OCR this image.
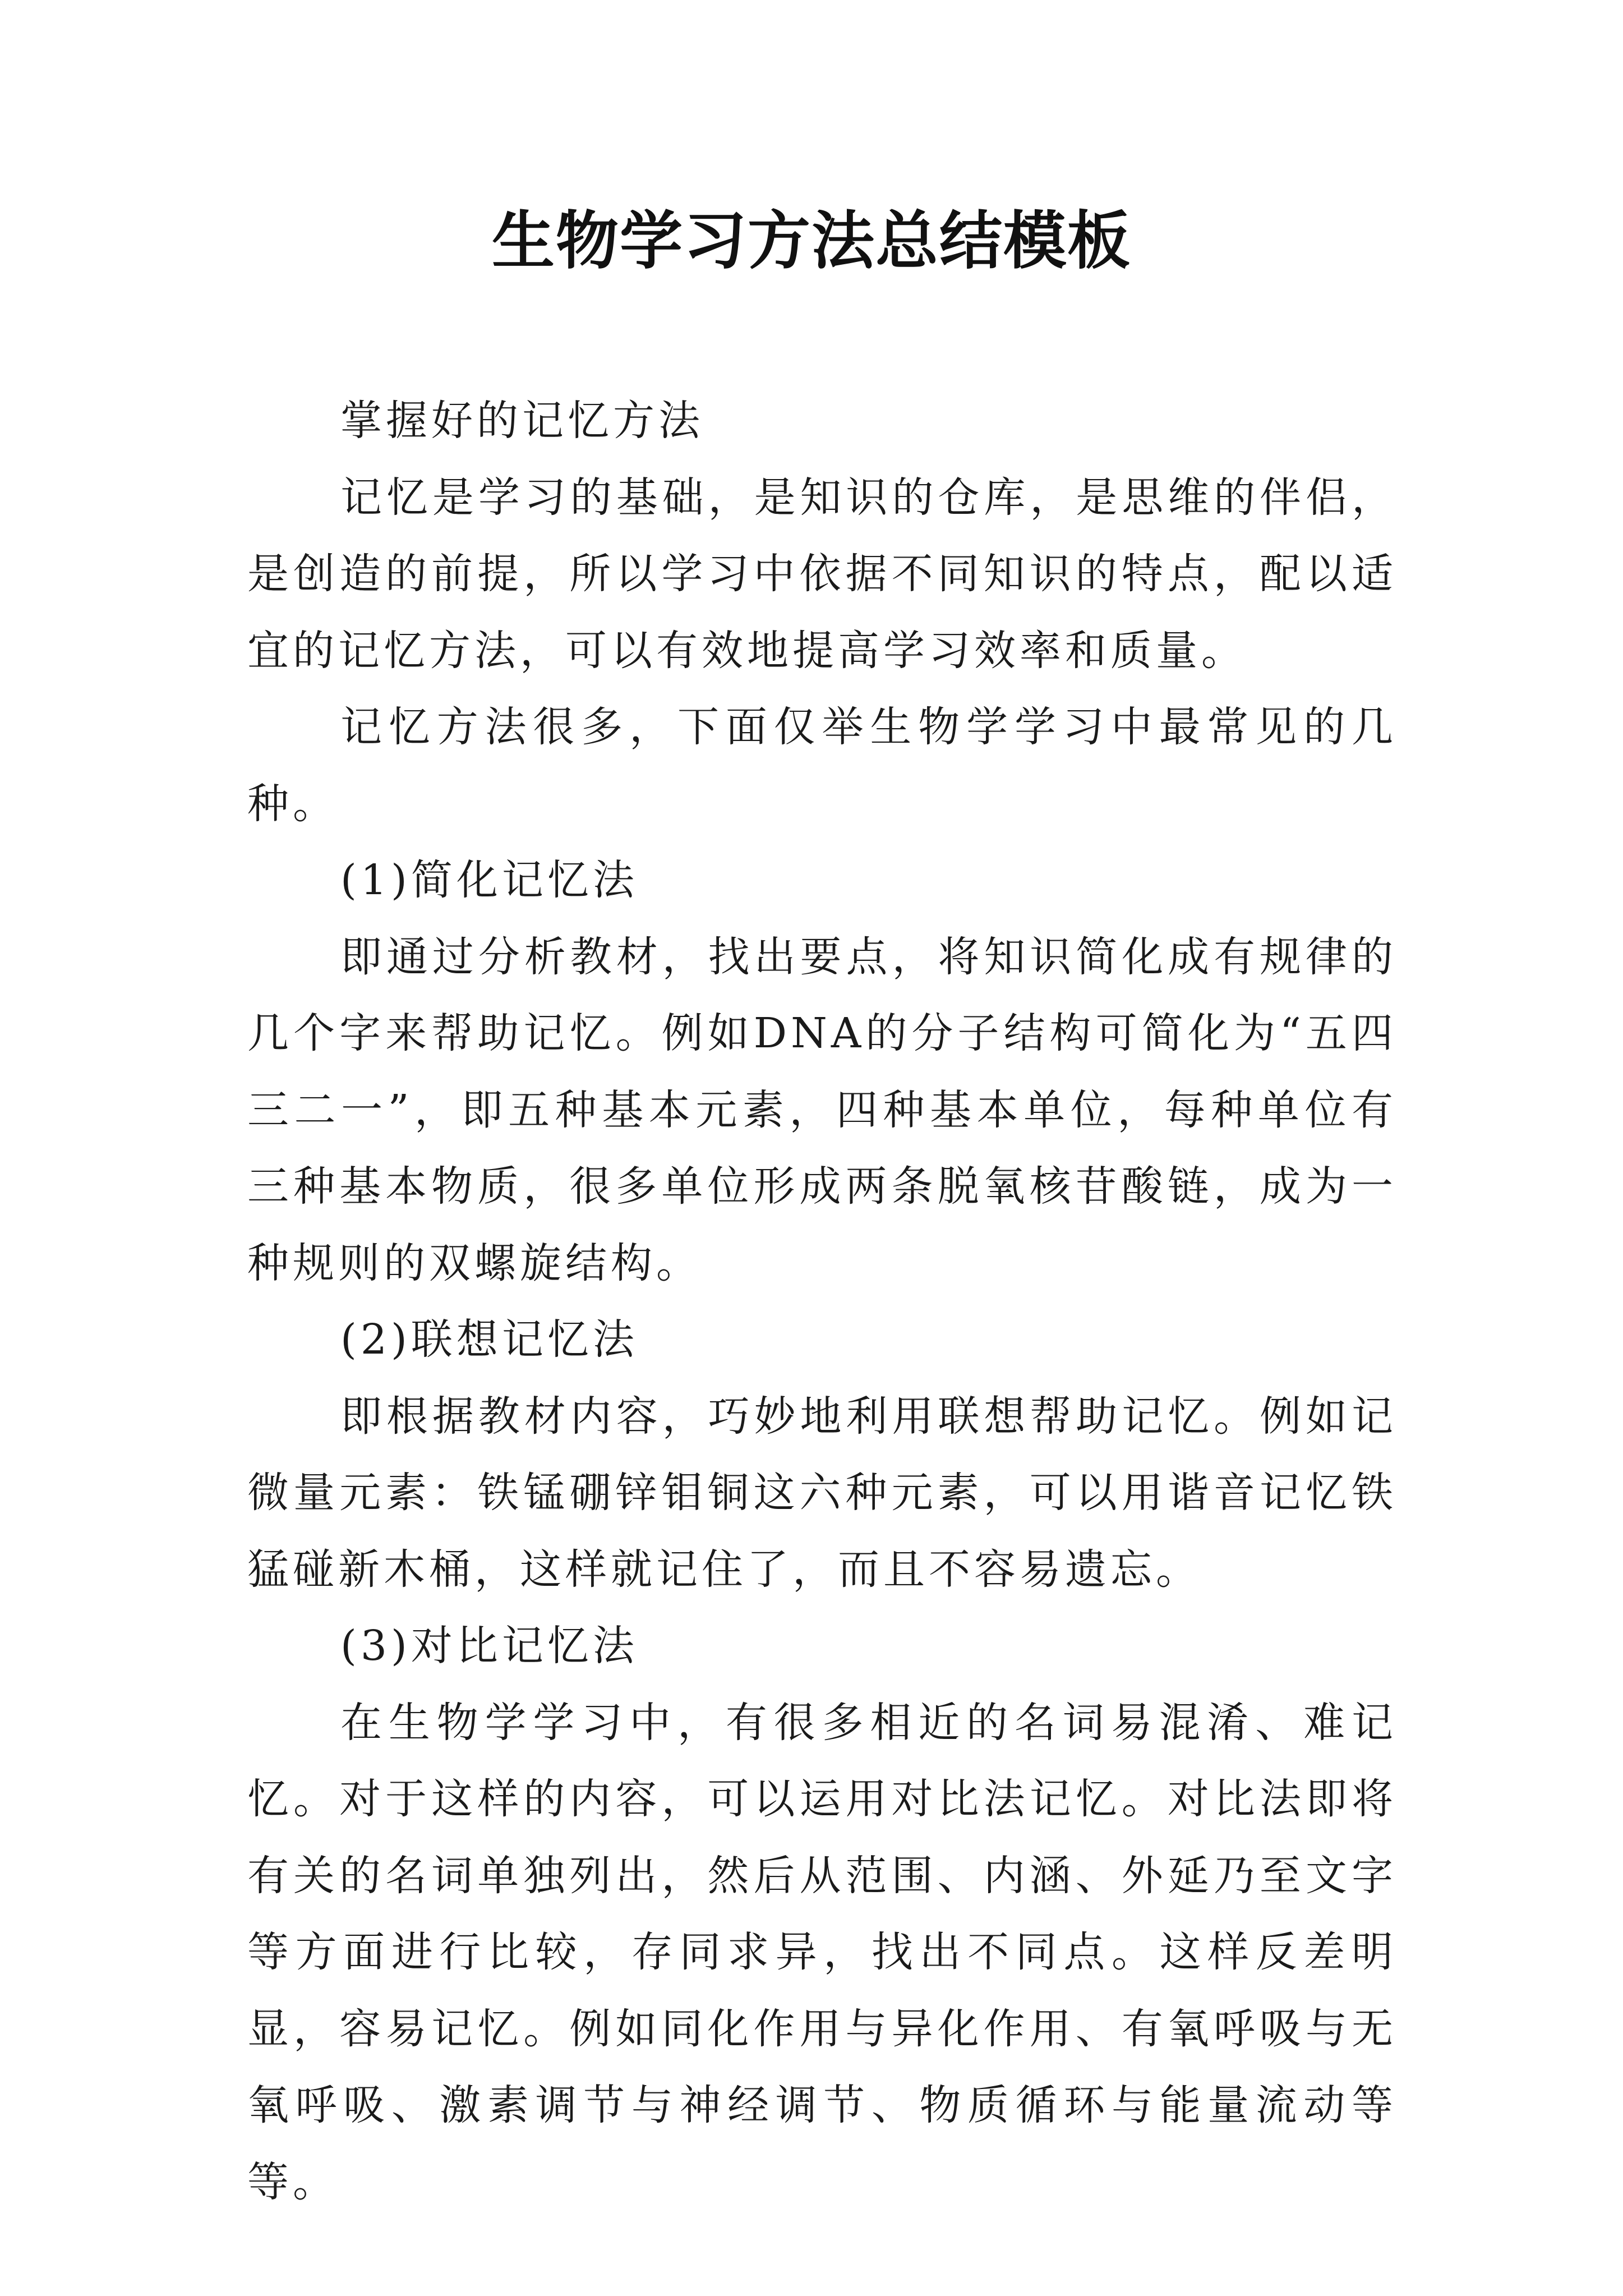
生物学习方法总结模板

掌握好的记忆方法

记忆是学习的基础，是知识的仓库，是思维的伴侣，是创造的前提，所以学习中依据不同知识的特点，配以适宜的记忆方法，可以有效地提高学习效率和质量。

记忆方法很多，下面仅举生物学学习中最常见的几种。

(1)简化记忆法

即通过分析教材，找出要点，将知识简化成有规律的几个字来帮助记忆。例如DNA的分子结构可简化为“五四三二一”，即五种基本元素，四种基本单位，每种单位有三种基本物质，很多单位形成两条脱氧核苷酸链，成为一种规则的双螺旋结构。

(2)联想记忆法

即根据教材内容，巧妙地利用联想帮助记忆。例如记微量元素：铁锰硼锌钼铜这六种元素，可以用谐音记忆铁猛碰新木桶，这样就记住了，而且不容易遗忘。

(3)对比记忆法

在生物学学习中，有很多相近的名词易混淆、难记忆。对于这样的内容，可以运用对比法记忆。对比法即将有关的名词单独列出，然后从范围、内涵、外延乃至文字等方面进行比较，存同求异，找出不同点。这样反差明显，容易记忆。例如同化作用与异化作用、有氧呼吸与无氧呼吸、激素调节与神经调节、物质循环与能量流动等等。
